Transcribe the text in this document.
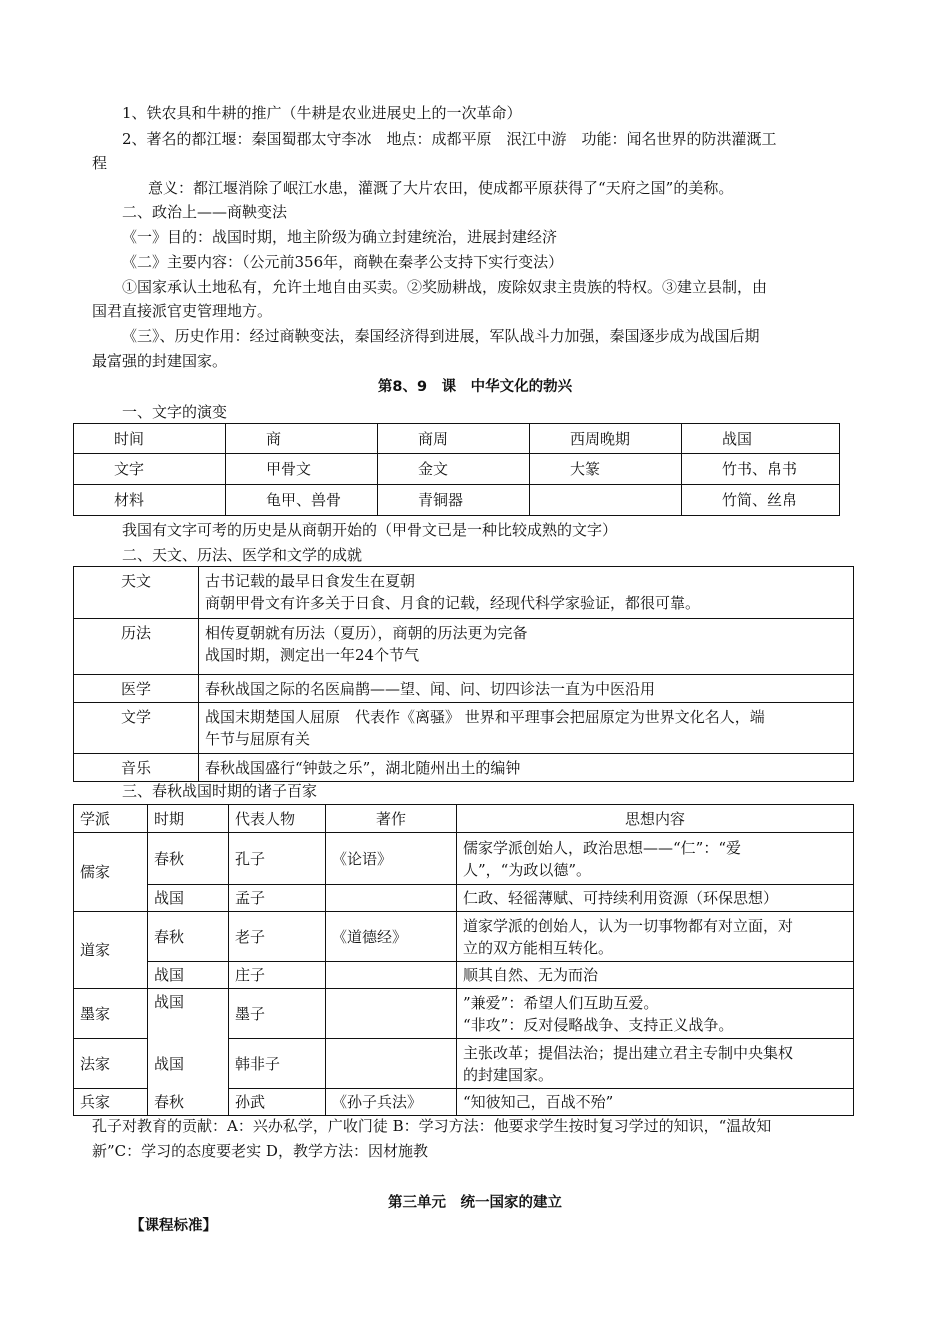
1、铁农具和牛耕的推广（牛耕是农业进展史上的一次革命）
2、著名的都江堰：秦国蜀郡太守李冰　地点：成都平原　泯江中游　功能：闻名世界的防洪灌溉工
程
意义：都江堰消除了岷江水患，灌溉了大片农田，使成都平原获得了“天府之国”的美称。
二、政治上——商鞅变法
《一》目的：战国时期，地主阶级为确立封建统治，进展封建经济
《二》主要内容：（公元前356年，商鞅在秦孝公支持下实行变法）
①国家承认土地私有，允许土地自由买卖。②奖励耕战，废除奴隶主贵族的特权。③建立县制，由
国君直接派官吏管理地方。
《三》、历史作用：经过商鞅变法，秦国经济得到进展，军队战斗力加强，秦国逐步成为战国后期
最富强的封建国家。
第8、9　课　中华文化的勃兴
一、文字的演变
时间	商	商周	西周晚期	战国
文字	甲骨文	金文	大篆	竹书、帛书
材料	龟甲、兽骨	青铜器		竹简、丝帛
我国有文字可考的历史是从商朝开始的（甲骨文已是一种比较成熟的文字）
二、天文、历法、医学和文学的成就
天文	古书记载的最早日食发生在夏朝
商朝甲骨文有许多关于日食、月食的记载，经现代科学家验证，都很可靠。

历法	相传夏朝就有历法（夏历），商朝的历法更为完备
战国时期，测定出一年24个节气

医学	春秋战国之际的名医扁鹊——望、闻、问、切四诊法一直为中医沿用

文学	战国末期楚国人屈原　代表作《离骚》 世界和平理事会把屈原定为世界文化名人，端
午节与屈原有关

音乐	春秋战国盛行“钟鼓之乐”，湖北随州出土的编钟
三、春秋战国时期的诸子百家
学派	时期	代表人物	著作	思想内容
儒家	春秋	孔子	《论语》	儒家学派创始人，政治思想——“仁”：“爱
人”，“为政以德”。

	战国	孟子		仁政、轻徭薄赋、可持续利用资源（环保思想）
道家	春秋	老子	《道德经》	道家学派的创始人，认为一切事物都有对立面，对
立的双方能相互转化。

	战国	庄子		顺其自然、无为而治
墨家	战国	墨子		”兼爱”：希望人们互助互爱。
“非攻”：反对侵略战争、支持正义战争。

法家	战国	韩非子		主张改革；提倡法治；提出建立君主专制中央集权
的封建国家。

兵家	春秋	孙武	《孙子兵法》	“知彼知己，百战不殆”
孔子对教育的贡献：A：兴办私学，广收门徒 B：学习方法：他要求学生按时复习学过的知识，“温故知
新”C：学习的态度要老实 D，教学方法：因材施教
第三单元　统一国家的建立
【课程标准】
